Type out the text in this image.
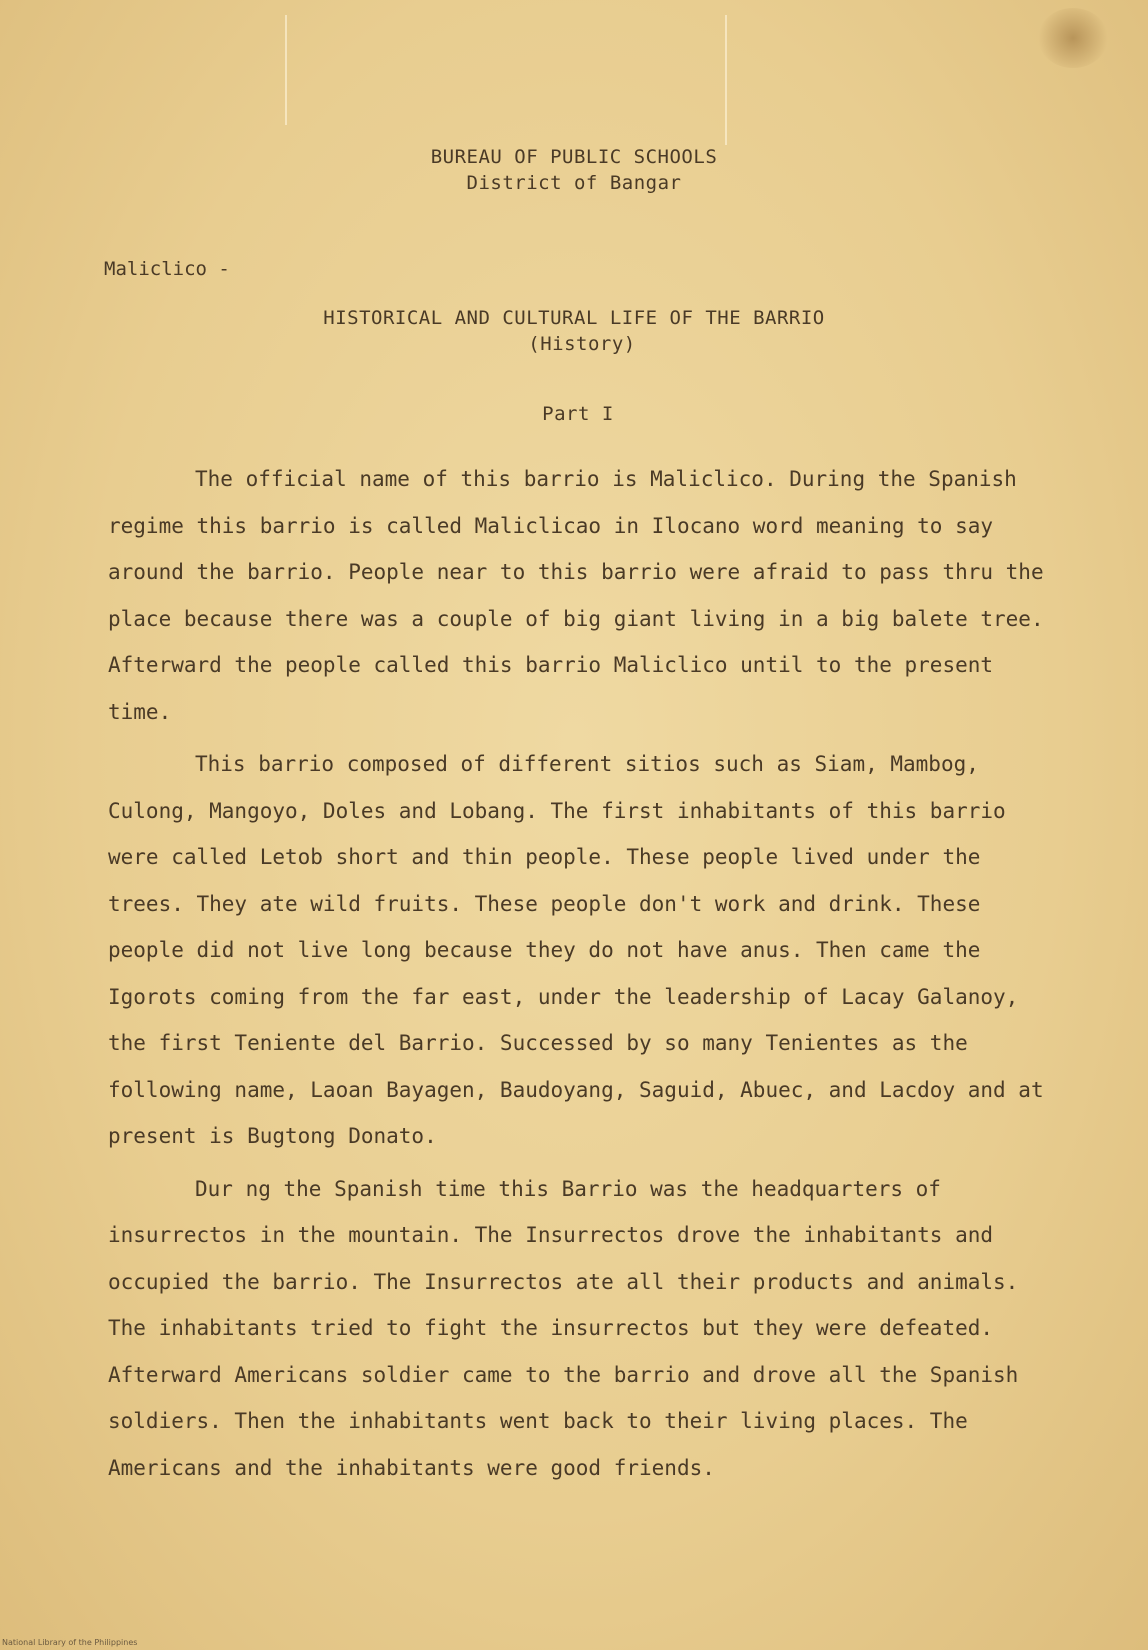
BUREAU OF PUBLIC SCHOOLS
District of Bangar
Maliclico -
HISTORICAL AND CULTURAL LIFE OF THE BARRIO
(History)
Part I

The official name of this barrio is Maliclico. During the Spanish regime this barrio is called Maliclicao in Ilocano word meaning to say around the barrio. People near to this barrio were afraid to pass thru the place because there was a couple of big giant living in a big balete tree. Afterward the people called this barrio Maliclico until to the present time.

This barrio composed of different sitios such as Siam, Mambog, Culong, Mangoyo, Doles and Lobang. The first inhabitants of this barrio were called Letob short and thin people. These people lived under the trees. They ate wild fruits. These people don't work and drink. These people did not live long because they do not have anus. Then came the Igorots coming from the far east, under the leadership of Lacay Galanoy, the first Teniente del Barrio. Successed by so many Tenientes as the following name, Laoan Bayagen, Baudoyang, Saguid, Abuec, and Lacdoy and at present is Bugtong Donato.

Dur ng the Spanish time this Barrio was the headquarters of insurrectos in the mountain. The Insurrectos drove the inhabitants and occupied the barrio. The Insurrectos ate all their products and animals. The inhabitants tried to fight the insurrectos but they were defeated. Afterward Americans soldier came to the barrio and drove all the Spanish soldiers. Then the inhabitants went back to their living places. The Americans and the inhabitants were good friends.

National Library of the Philippines
